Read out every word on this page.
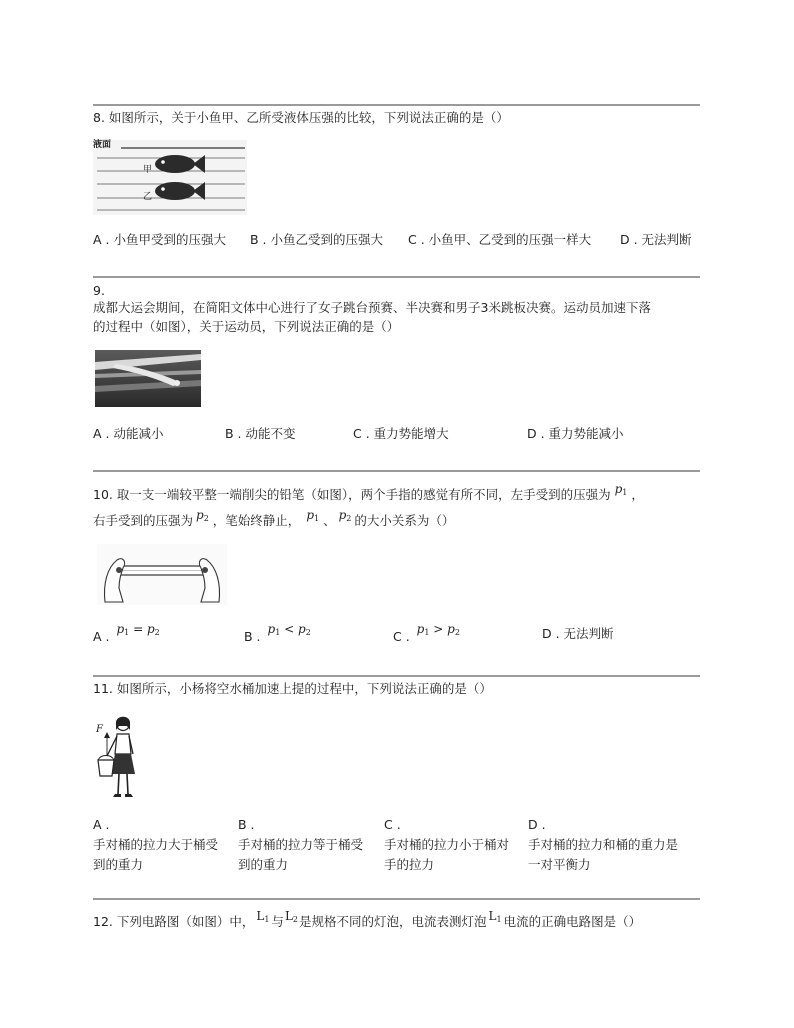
8. 如图所示，关于小鱼甲、乙所受液体压强的比较，下列说法正确的是（）
液面
甲
乙
A . 小鱼甲受到的压强大 B . 小鱼乙受到的压强大 C . 小鱼甲、乙受到的压强一样大 D . 无法判断
9.
成都大运会期间，在简阳文体中心进行了女子跳台预赛、半决赛和男子3米跳板决赛。运动员加速下落
的过程中（如图），关于运动员，下列说法正确的是（）
A . 动能减小	B . 动能不变	C . 重力势能增大	D . 重力势能减小
10. 取一支一端较平整一端削尖的铅笔（如图），两个手指的感觉有所不同，左手受到的压强为 $p_1$ ，
右手受到的压强为 $p_2$ ，笔始终静止， $p_1$ 、 $p_2$ 的大小关系为（）
A . $p_1 = p_2$	B . $p_1 < p_2$	C . $p_1 > p_2$	D . 无法判断
11. 如图所示，小杨将空水桶加速上提的过程中，下列说法正确的是（）
F
A .
手对桶的拉力大于桶受
到的重力
B .
手对桶的拉力等于桶受
到的重力
C .
手对桶的拉力小于桶对
手的拉力
D .
手对桶的拉力和桶的重力是
一对平衡力
12. 下列电路图（如图）中， $L_1$ 与$L_2$是规格不同的灯泡，电流表测灯泡 $L_1$ 电流的正确电路图是（）
